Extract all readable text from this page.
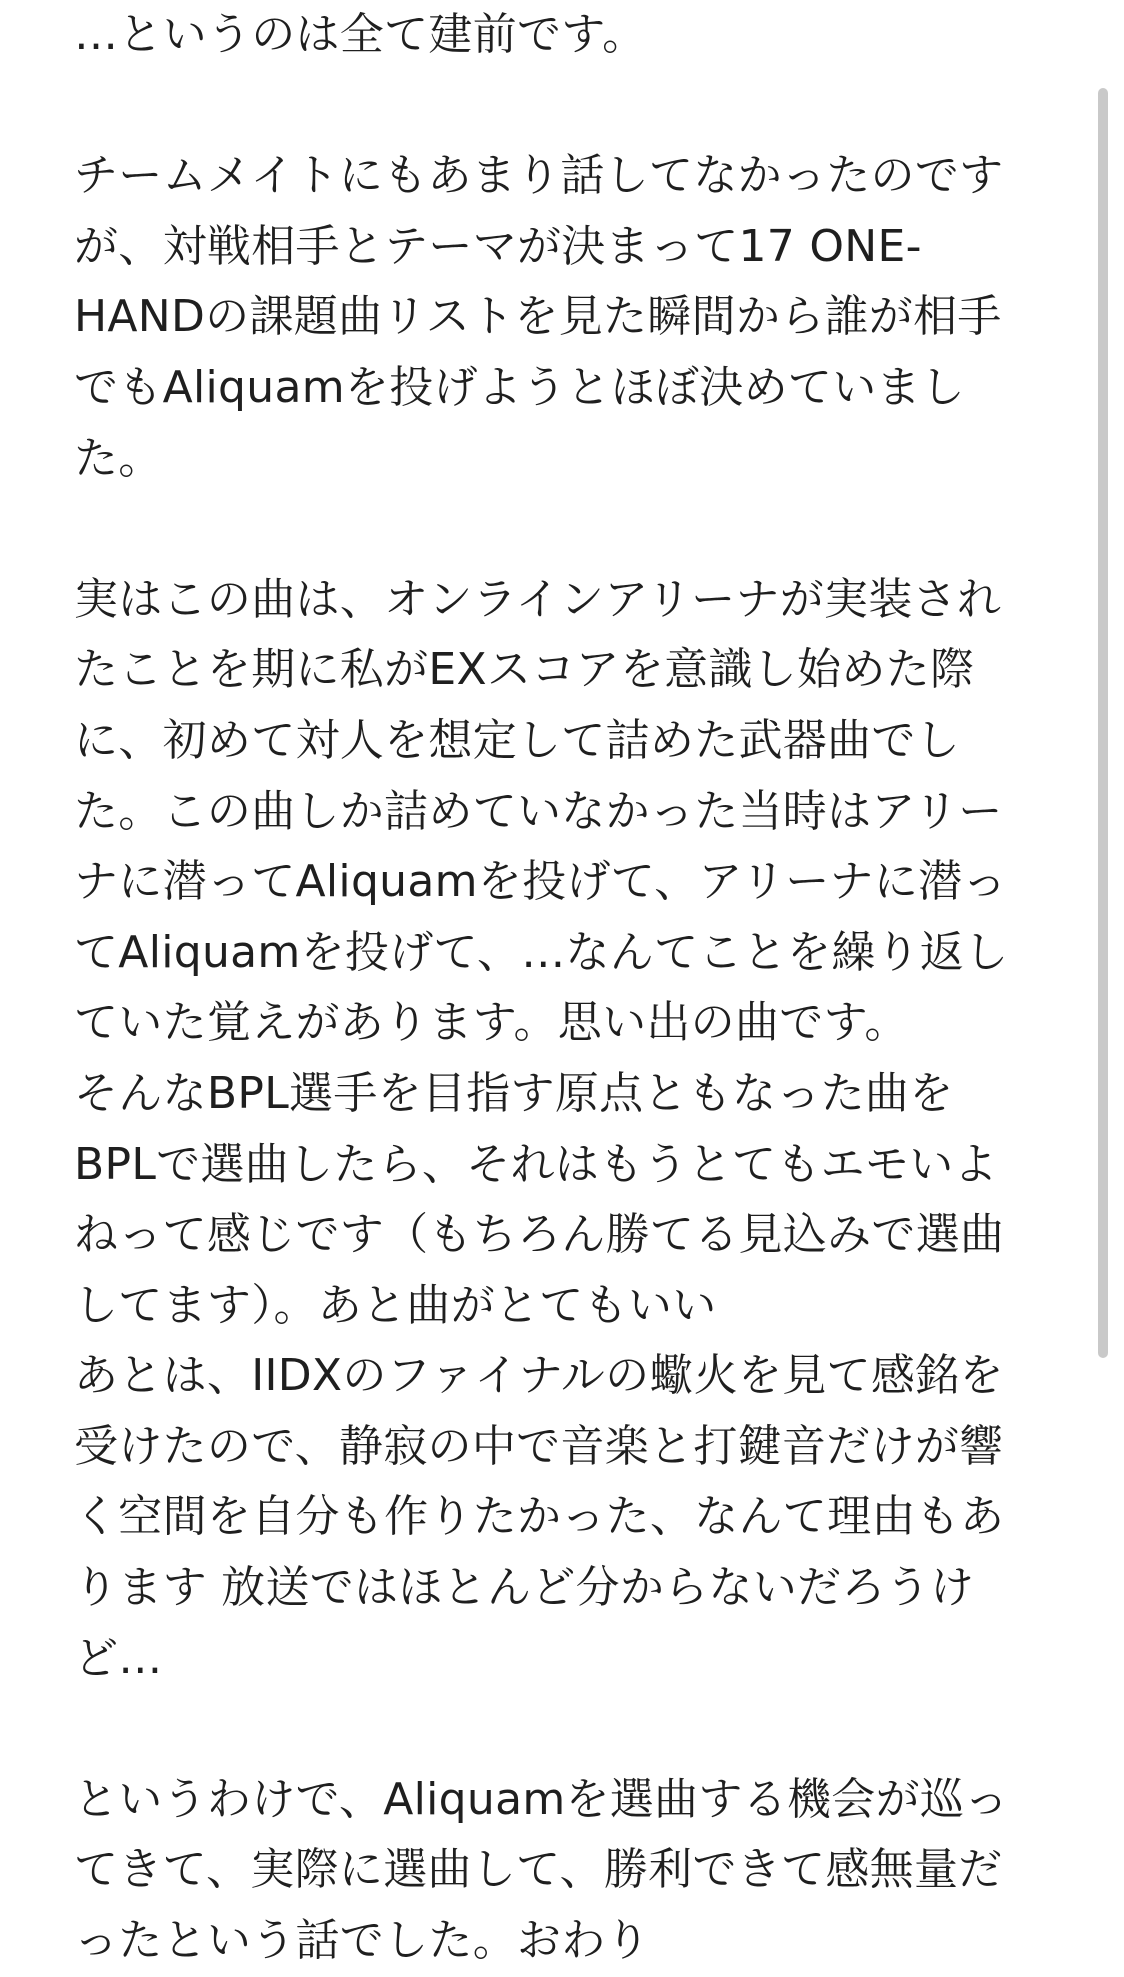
…というのは全て建前です。
チームメイトにもあまり話してなかったのです
が、対戦相手とテーマが決まって17 ONE-
HANDの課題曲リストを見た瞬間から誰が相手
でもAliquamを投げようとほぼ決めていまし
た。
実はこの曲は、オンラインアリーナが実装され
たことを期に私がEXスコアを意識し始めた際
に、初めて対人を想定して詰めた武器曲でし
た。この曲しか詰めていなかった当時はアリー
ナに潜ってAliquamを投げて、アリーナに潜っ
てAliquamを投げて、…なんてことを繰り返し
ていた覚えがあります。思い出の曲です。
そんなBPL選手を目指す原点ともなった曲を
BPLで選曲したら、それはもうとてもエモいよ
ねって感じです（もちろん勝てる見込みで選曲
してます）。あと曲がとてもいい
あとは、IIDXのファイナルの蠍火を見て感銘を
受けたので、静寂の中で音楽と打鍵音だけが響
く空間を自分も作りたかった、なんて理由もあ
ります 放送ではほとんど分からないだろうけ
ど…
というわけで、Aliquamを選曲する機会が巡っ
てきて、実際に選曲して、勝利できて感無量だ
ったという話でした。おわり
